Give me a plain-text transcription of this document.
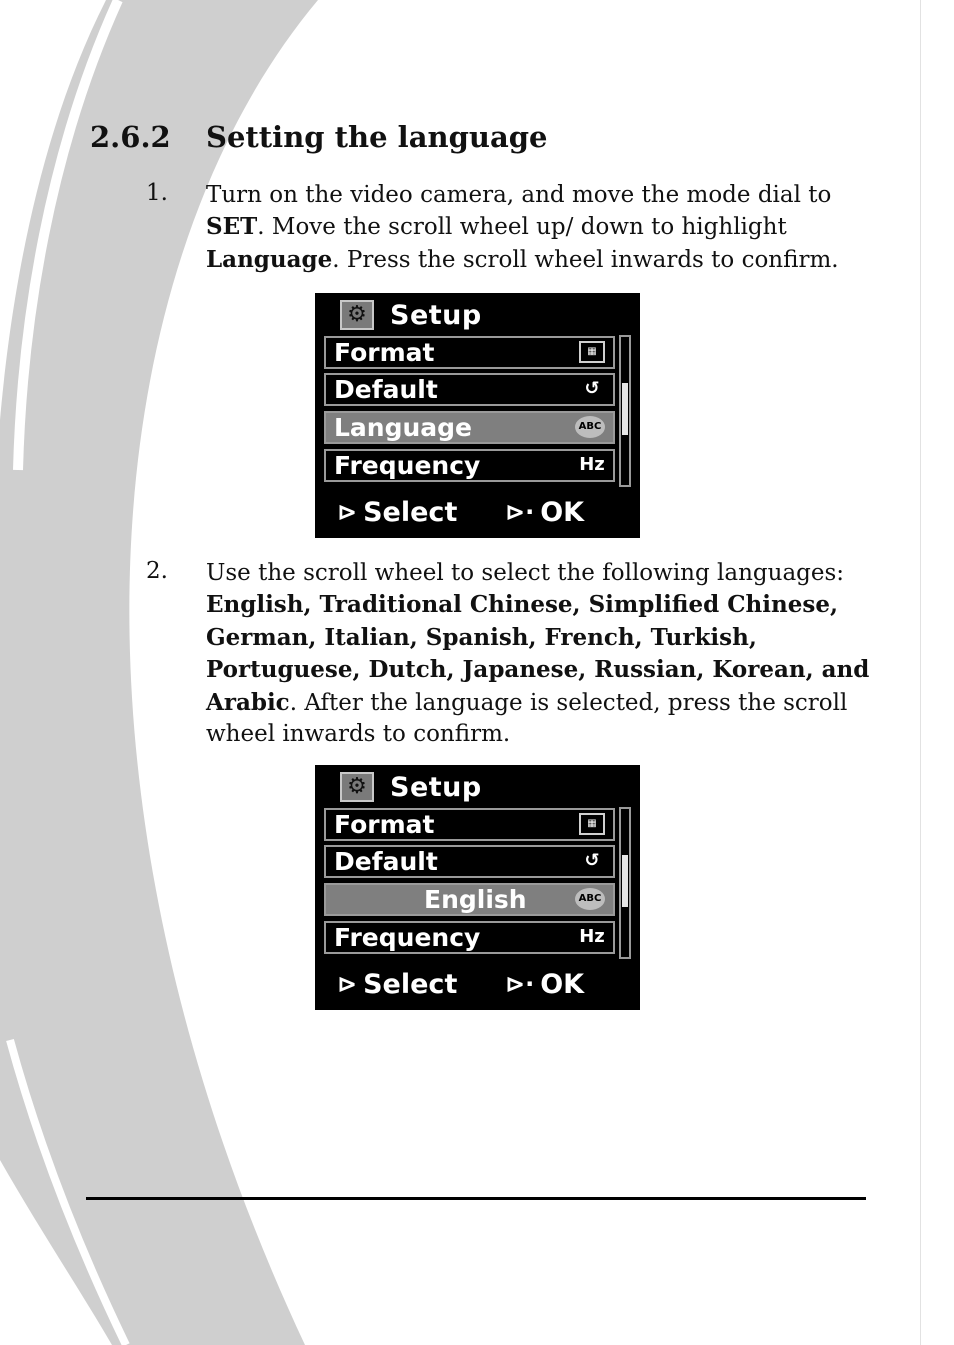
2.6.2 Setting the language
1. Turn on the video camera, and move the mode dial to SET. Move the scroll wheel up/ down to highlight Language. Press the scroll wheel inwards to confirm.
⚙ Setup
Format	▦
Default	↺
Language	ABC
Frequency	Hz
⊳ Select ⊳· OK
2. Use the scroll wheel to select the following languages: English, Traditional Chinese, Simplified Chinese, German, Italian, Spanish, French, Turkish, Portuguese, Dutch, Japanese, Russian, Korean, and Arabic. After the language is selected, press the scroll wheel inwards to confirm.
⚙ Setup
Format	▦
Default	↺
English	ABC
Frequency	Hz
⊳ Select ⊳· OK
